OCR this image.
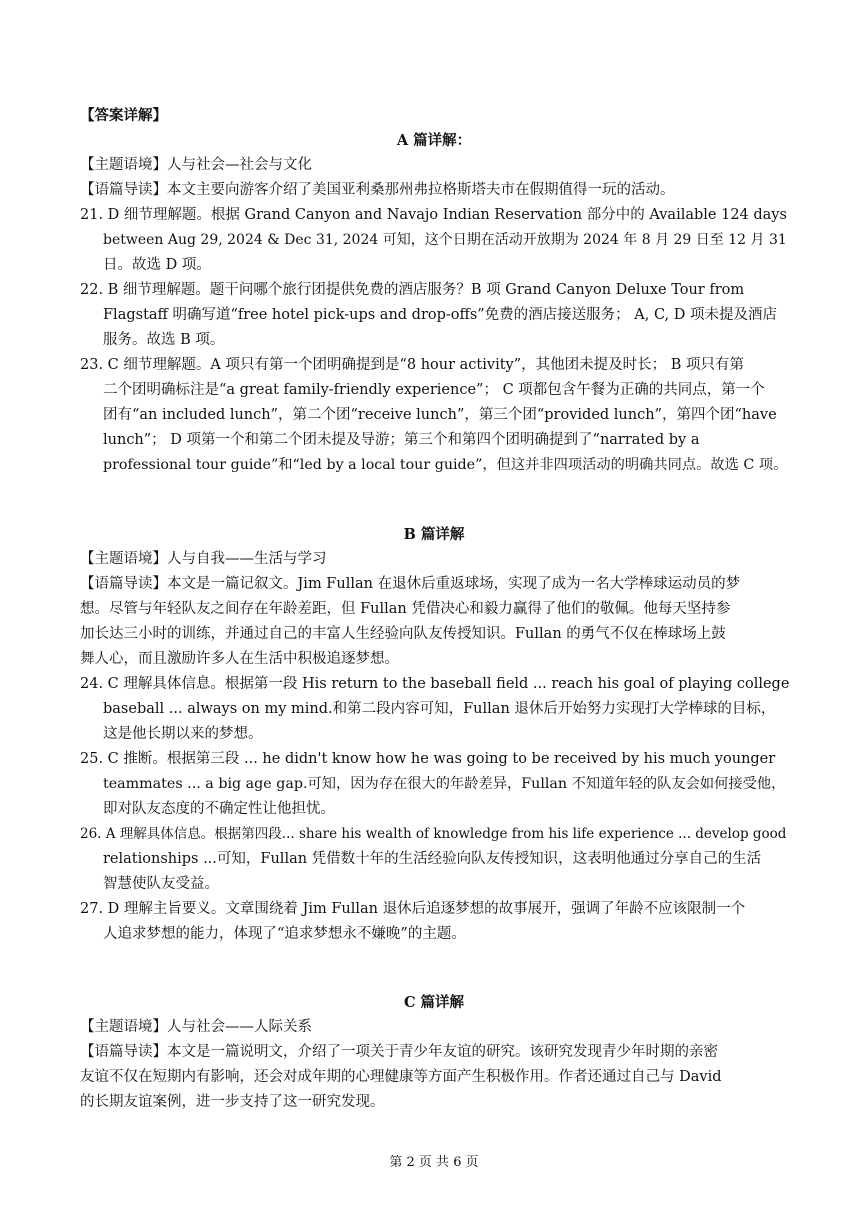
【答案详解】
A 篇详解：
【主题语境】人与社会—社会与文化
【语篇导读】本文主要向游客介绍了美国亚利桑那州弗拉格斯塔夫市在假期值得一玩的活动。
21. D 细节理解题。根据 Grand Canyon and Navajo Indian Reservation 部分中的 Available 124 days
between Aug 29, 2024 & Dec 31, 2024 可知，这个日期在活动开放期为 2024 年 8 月 29 日至 12 月 31
日。故选 D 项。
22. B 细节理解题。题干问哪个旅行团提供免费的酒店服务？B 项 Grand Canyon Deluxe Tour from
Flagstaff 明确写道“free hotel pick-ups and drop-offs”免费的酒店接送服务； A, C, D 项未提及酒店
服务。故选 B 项。
23. C 细节理解题。A 项只有第一个团明确提到是“8 hour activity”，其他团未提及时长； B 项只有第
二个团明确标注是“a great family-friendly experience”； C 项都包含午餐为正确的共同点，第一个
团有“an included lunch”，第二个团“receive lunch”，第三个团“provided lunch”，第四个团“have
lunch”； D 项第一个和第二个团未提及导游；第三个和第四个团明确提到了“narrated by a
professional tour guide”和“led by a local tour guide”，但这并非四项活动的明确共同点。故选 C 项。
B 篇详解
【主题语境】人与自我——生活与学习
【语篇导读】本文是一篇记叙文。Jim Fullan 在退休后重返球场，实现了成为一名大学棒球运动员的梦
想。尽管与年轻队友之间存在年龄差距，但 Fullan 凭借决心和毅力赢得了他们的敬佩。他每天坚持参
加长达三小时的训练，并通过自己的丰富人生经验向队友传授知识。Fullan 的勇气不仅在棒球场上鼓
舞人心，而且激励许多人在生活中积极追逐梦想。
24. C 理解具体信息。根据第一段 His return to the baseball field ... reach his goal of playing college
baseball ... always on my mind.和第二段内容可知，Fullan 退休后开始努力实现打大学棒球的目标，
这是他长期以来的梦想。
25. C 推断。根据第三段 ... he didn't know how he was going to be received by his much younger
teammates ... a big age gap.可知，因为存在很大的年龄差异，Fullan 不知道年轻的队友会如何接受他，
即对队友态度的不确定性让他担忧。
26. A 理解具体信息。根据第四段... share his wealth of knowledge from his life experience ... develop good
relationships ...可知，Fullan 凭借数十年的生活经验向队友传授知识，这表明他通过分享自己的生活
智慧使队友受益。
27. D 理解主旨要义。文章围绕着 Jim Fullan 退休后追逐梦想的故事展开，强调了年龄不应该限制一个
人追求梦想的能力，体现了“追求梦想永不嫌晚”的主题。
C 篇详解
【主题语境】人与社会——人际关系
【语篇导读】本文是一篇说明文，介绍了一项关于青少年友谊的研究。该研究发现青少年时期的亲密
友谊不仅在短期内有影响，还会对成年期的心理健康等方面产生积极作用。作者还通过自己与 David
的长期友谊案例，进一步支持了这一研究发现。
第 2 页 共 6 页
